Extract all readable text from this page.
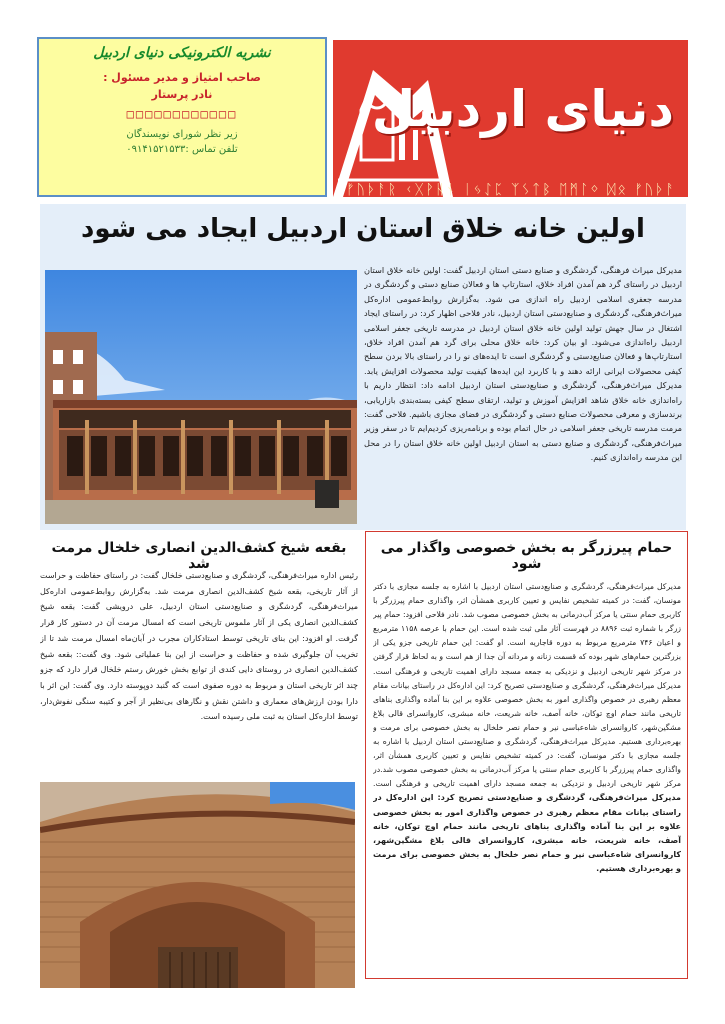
نشریه الکترونیکی دنیای اردبیل
صاحب امتیاز و مدیر مسئول :
نادر پرستار
□□□□□□□□□□□□
زیر نظر شورای نویسندگان
تلفن تماس :۰۹۱۴۱۵۲۱۵۳۳
دنیای اردبیل
ᚠᚢᚦᚨᚱ ᚲᚷᚹᚺᚾ ᛁᛃᛇᛈ ᛉᛊᛏᛒ ᛖᛗᛚᛜ ᛞᛟ ᚠᚢᚦᚨ
اولین خانه خلاق استان اردبیل ایجاد می شود
مدیرکل میراث فرهنگی، گردشگری و صنایع دستی استان اردبیل گفت: اولین خانه خلاق استان اردبیل در راستای گرد هم آمدن افراد خلاق، استارتاپ ها و فعالان صنایع دستی و گردشگری در مدرسه جعفری اسلامی اردبیل راه اندازی می شود. به‌گزارش روابط‌عمومی اداره‌کل میراث‌فرهنگی، گردشگری و صنایع‌دستی استان اردبیل، نادر فلاحی اظهار کرد: در راستای ایجاد اشتغال در سال جهش تولید اولین خانه خلاق استان اردبیل در مدرسه تاریخی جعفر اسلامی اردبیل راه‌اندازی می‌شود. او بیان کرد: خانه خلاق محلی برای گرد هم آمدن افراد خلاق، استارتاپ‌ها و فعالان صنایع‌دستی و گردشگری است تا ایده‌های نو را در راستای بالا بردن سطح کیفی محصولات ایرانی ارائه دهند و با کاربرد این ایده‌ها کیفیت تولید محصولات افزایش یابد. مدیرکل میراث‌فرهنگی، گردشگری و صنایع‌دستی استان اردبیل ادامه داد: انتظار داریم با راه‌اندازی خانه خلاق شاهد افزایش آموزش و تولید، ارتقای سطح کیفی بسته‌بندی بازاریابی، برندسازی و معرفی محصولات صنایع دستی و گردشگری در فضای مجازی باشیم. فلاحی گفت: مرمت مدرسه تاریخی جعفر اسلامی در حال اتمام بوده و برنامه‌ریزی کردیم‌ایم تا در سفر وزیر میراث‌فرهنگی، گردشگری و صنایع دستی به استان اردبیل اولین خانه خلاق استان را در محل این مدرسه راه‌اندازی کنیم.
حمام پیرزرگر به بخش خصوصی واگذار می شود
مدیرکل میراث‌فرهنگی، گردشگری و صنایع‌دستی استان اردبیل با اشاره به جلسه مجازی با دکتر مونسان، گفت: در کمیته تشخیص نفایس و تعیین کاربری همشأن اثر، واگذاری حمام پیرزرگر با کاربری حمام سنتی یا مرکز آب‌درمانی به بخش خصوصی مصوب شد. نادر فلاحی افزود: حمام پیر زرگر با شماره ثبت ۸۸۹۶ در فهرست آثار ملی ثبت شده است. این حمام با عرصه ۱۱۵۸ مترمربع و اعیان ۷۴۶ مترمربع مربوط به دوره قاجاریه است. او گفت: این حمام تاریخی جزو یکی از بزرگترین حمام‌های شهر بوده که قسمت زنانه و مردانه آن جدا از هم است و به لحاظ قرار گرفتن در مرکز شهر تاریخی اردبیل و نزدیکی به جمعه مسجد دارای اهمیت تاریخی و فرهنگی است. مدیرکل میراث‌فرهنگی، گردشگری و صنایع‌دستی تصریح کرد: این اداره‌کل در راستای بیانات مقام معظم رهبری در خصوص واگذاری امور به بخش خصوصی علاوه بر این بنا آماده واگذاری بناهای تاریخی مانند حمام اوچ توکان، خانه آصف، خانه شریعت، خانه مبشری، کاروانسرای قالی بلاغ مشگین‌شهر، کاروانسرای شاه‌عباسی نیر و حمام نصر خلخال به بخش خصوصی برای مرمت و بهره‌برداری هستیم. مدیرکل میراث‌فرهنگی، گردشگری و صنایع‌دستی استان اردبیل با اشاره به جلسه مجازی با دکتر مونسان، گفت: در کمیته تشخیص نفایس و تعیین کاربری همشأن اثر، واگذاری حمام پیرزرگر با کاربری حمام سنتی یا مرکز آب‌درمانی به بخش خصوصی مصوب شد.در مرکز شهر تاریخی اردبیل و نزدیکی به جمعه مسجد دارای اهمیت تاریخی و فرهنگی است. مدیرکل میراث‌فرهنگی، گردشگری و صنایع‌دستی تصریح کرد: این اداره‌کل در راستای بیانات مقام معظم رهبری در خصوص واگذاری امور به بخش خصوصی علاوه بر این بنا آماده واگذاری بناهای تاریخی مانند حمام اوچ توکان، خانه آصف، خانه شریعت، خانه مبشری، کاروانسرای قالی بلاغ مشگین‌شهر، کاروانسرای شاه‌عباسی نیر و حمام نصر خلخال به بخش خصوصی برای مرمت و بهره‌برداری هستیم.
بقعه شیخ کشف‌الدین انصاری خلخال مرمت شد
رئیس اداره میراث‌فرهنگی، گردشگری و صنایع‌دستی خلخال گفت: در راستای حفاظت و حراست از آثار تاریخی، بقعه شیخ کشف‌الدین انصاری مرمت شد. به‌گزارش روابط‌عمومی اداره‌کل میراث‌فرهنگی، گردشگری و صنایع‌دستی استان اردبیل، علی درویشی گفت: بقعه شیخ کشف‌الدین انصاری یکی از آثار ملموس تاریخی است که امسال مرمت آن در دستور کار قرار گرفت. او افزود: این بنای تاریخی توسط استادکاران مجرب در آبان‌ماه امسال مرمت شد تا از تخریب آن جلوگیری شده و حفاظت و حراست از این بنا عملیاتی شود. وی گفت:: بقعه شیخ کشف‌الدین انصاری در روستای دایی کندی از توابع بخش خورش رستم خلخال قرار دارد که جزو چند اثر تاریخی استان و مربوط به دوره صفوی است که گنبد دوپوسته دارد. وی گفت: این اثر با دارا بودن ارزش‌های معماری و داشتن نقش و نگارهای بی‌نظیر از آجر و کتیبه سنگی نفوش‌دار، توسط اداره‌کل استان به ثبت ملی رسیده است.
